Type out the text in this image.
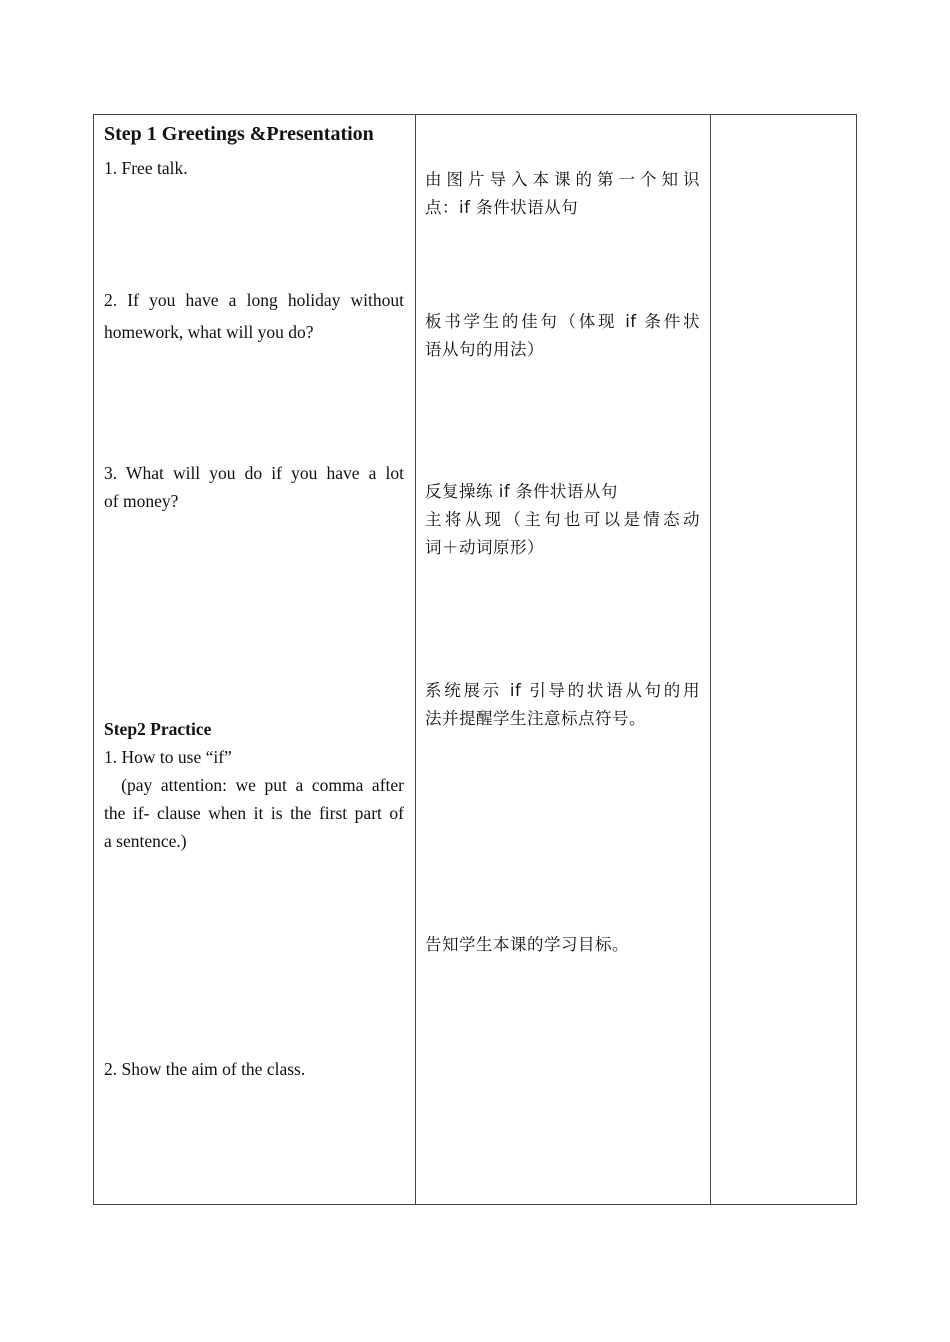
Step 1 Greetings &Presentation
1. Free talk.
2. If you have a long holiday without
homework, what will you do?
3. What will you do if you have a lot
of money?
Step2 Practice
1. How to use “if”
(pay attention: we put a comma after
the if- clause when it is the first part of
a sentence.)
2. Show the aim of the class.
由图片导入本课的第一个知识
点：if 条件状语从句
板书学生的佳句（体现 if 条件状
语从句的用法）
反复操练 if 条件状语从句
主将从现（主句也可以是情态动
词＋动词原形）
系统展示 if 引导的状语从句的用
法并提醒学生注意标点符号。
告知学生本课的学习目标。
